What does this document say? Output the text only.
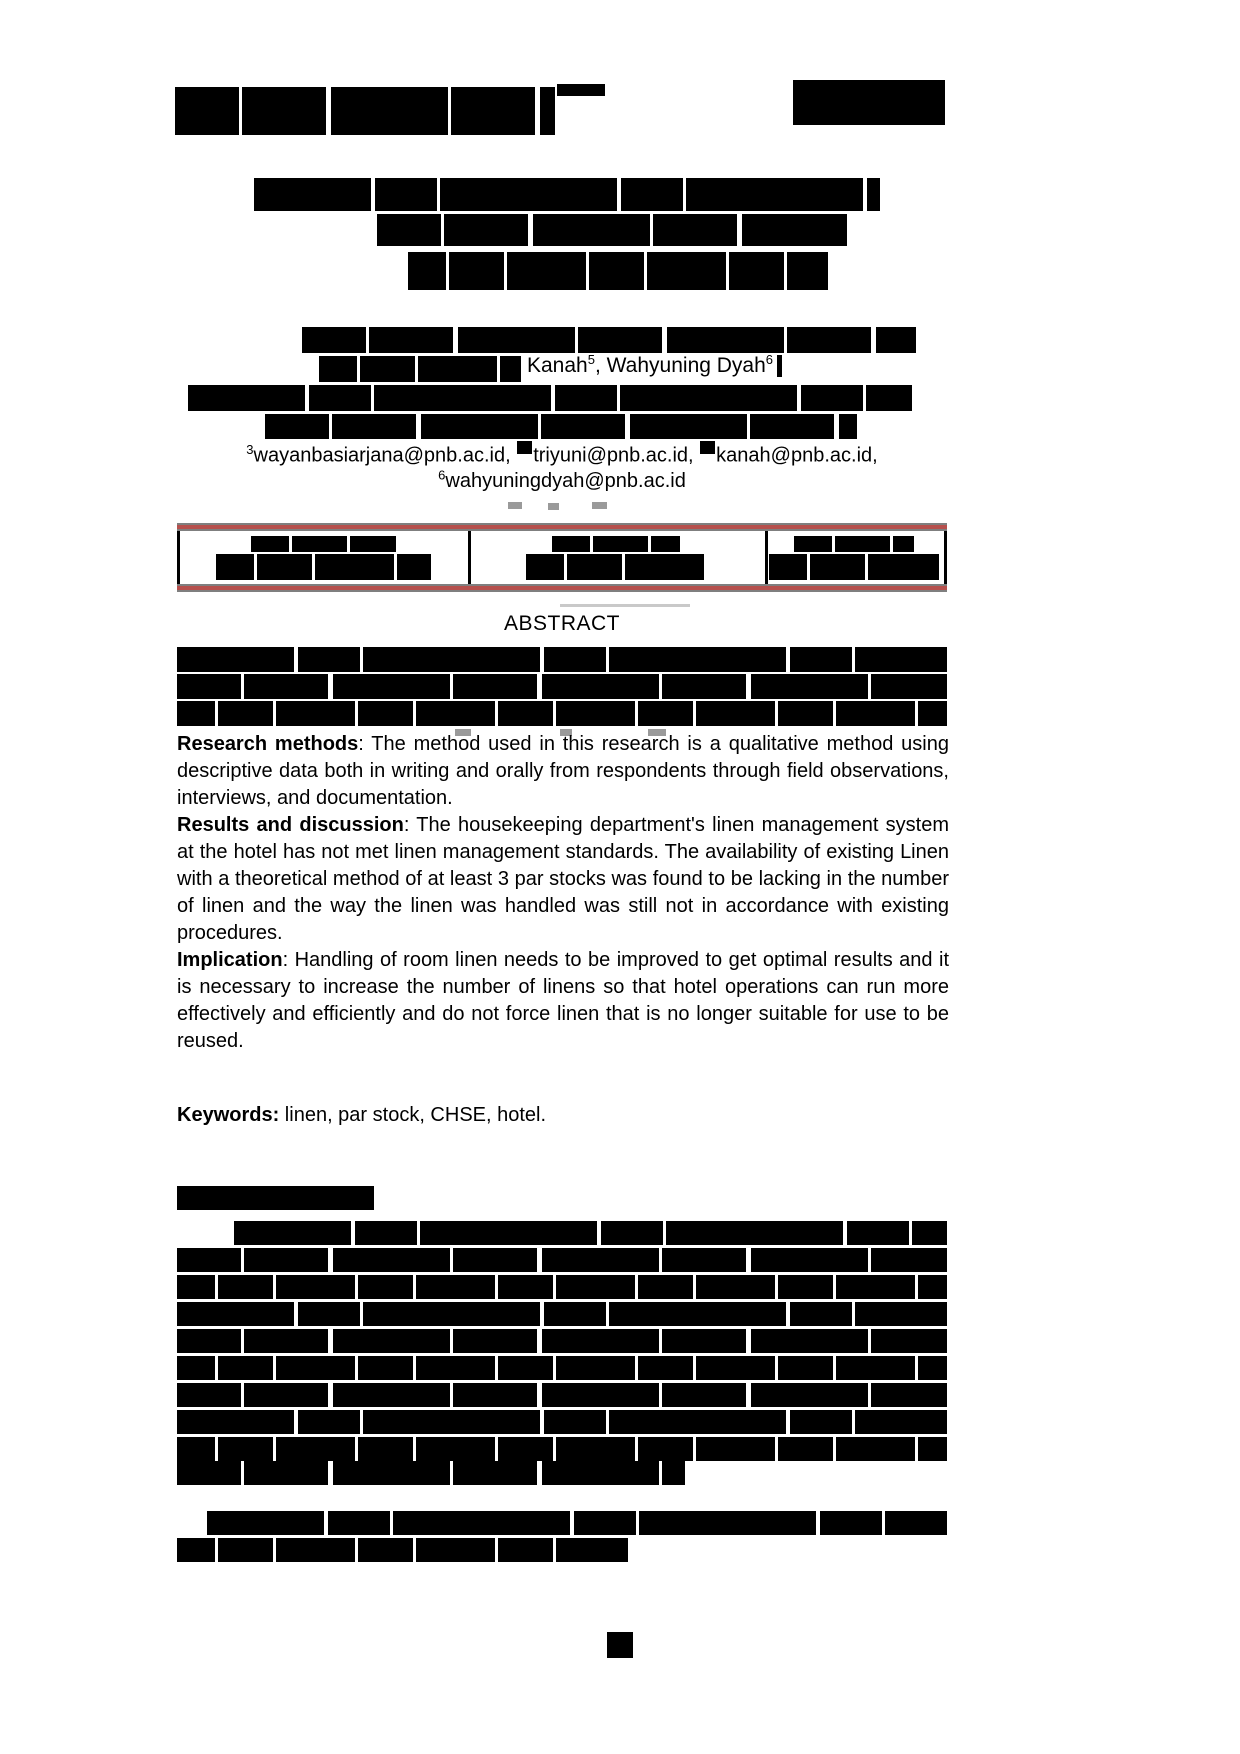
Kanah$^5$, Wahyuning Dyah$^6$
$^3$wayanbasiarjana@pnb.ac.id, triyuni@pnb.ac.id, kanah@pnb.ac.id,
$^6$wahyuningdyah@pnb.ac.id
ABSTRACT

Research methods: The method used in this research is a qualitative method using descriptive data both in writing and orally from respondents through field observations, interviews, and documentation.

Results and discussion: The housekeeping department's linen management system at the hotel has not met linen management standards. The availability of existing Linen with a theoretical method of at least 3 par stocks was found to be lacking in the number of linen and the way the linen was handled was still not in accordance with existing procedures.

Implication: Handling of room linen needs to be improved to get optimal results and it is necessary to increase the number of linens so that hotel operations can run more effectively and efficiently and do not force linen that is no longer suitable for use to be reused.

Keywords: linen, par stock, CHSE, hotel.
